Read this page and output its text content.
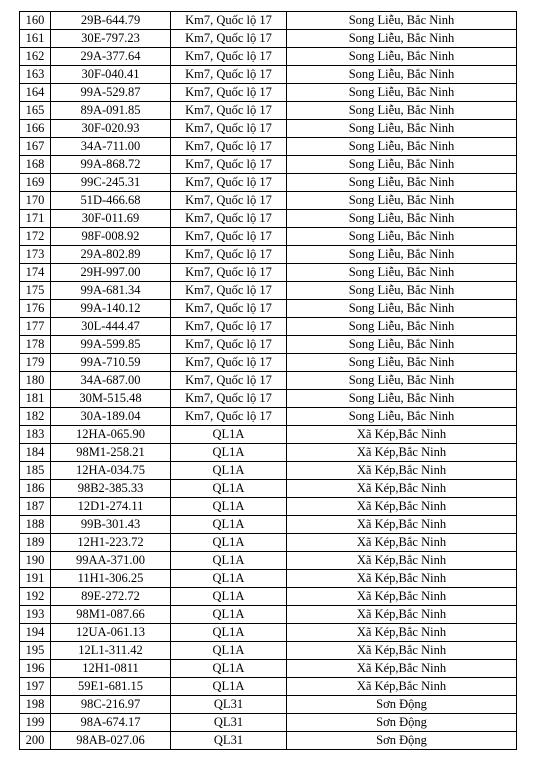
160	29B-644.79	Km7, Quốc lộ 17	Song Liễu, Bắc Ninh
161	30E-797.23	Km7, Quốc lộ 17	Song Liễu, Bắc Ninh
162	29A-377.64	Km7, Quốc lộ 17	Song Liễu, Bắc Ninh
163	30F-040.41	Km7, Quốc lộ 17	Song Liễu, Bắc Ninh
164	99A-529.87	Km7, Quốc lộ 17	Song Liễu, Bắc Ninh
165	89A-091.85	Km7, Quốc lộ 17	Song Liễu, Bắc Ninh
166	30F-020.93	Km7, Quốc lộ 17	Song Liễu, Bắc Ninh
167	34A-711.00	Km7, Quốc lộ 17	Song Liễu, Bắc Ninh
168	99A-868.72	Km7, Quốc lộ 17	Song Liễu, Bắc Ninh
169	99C-245.31	Km7, Quốc lộ 17	Song Liễu, Bắc Ninh
170	51D-466.68	Km7, Quốc lộ 17	Song Liễu, Bắc Ninh
171	30F-011.69	Km7, Quốc lộ 17	Song Liễu, Bắc Ninh
172	98F-008.92	Km7, Quốc lộ 17	Song Liễu, Bắc Ninh
173	29A-802.89	Km7, Quốc lộ 17	Song Liễu, Bắc Ninh
174	29H-997.00	Km7, Quốc lộ 17	Song Liễu, Bắc Ninh
175	99A-681.34	Km7, Quốc lộ 17	Song Liễu, Bắc Ninh
176	99A-140.12	Km7, Quốc lộ 17	Song Liễu, Bắc Ninh
177	30L-444.47	Km7, Quốc lộ 17	Song Liễu, Bắc Ninh
178	99A-599.85	Km7, Quốc lộ 17	Song Liễu, Bắc Ninh
179	99A-710.59	Km7, Quốc lộ 17	Song Liễu, Bắc Ninh
180	34A-687.00	Km7, Quốc lộ 17	Song Liễu, Bắc Ninh
181	30M-515.48	Km7, Quốc lộ 17	Song Liễu, Bắc Ninh
182	30A-189.04	Km7, Quốc lộ 17	Song Liễu, Bắc Ninh
183	12HA-065.90	QL1A	Xã Kép,Bắc Ninh
184	98M1-258.21	QL1A	Xã Kép,Bắc Ninh
185	12HA-034.75	QL1A	Xã Kép,Bắc Ninh
186	98B2-385.33	QL1A	Xã Kép,Bắc Ninh
187	12D1-274.11	QL1A	Xã Kép,Bắc Ninh
188	99B-301.43	QL1A	Xã Kép,Bắc Ninh
189	12H1-223.72	QL1A	Xã Kép,Bắc Ninh
190	99AA-371.00	QL1A	Xã Kép,Bắc Ninh
191	11H1-306.25	QL1A	Xã Kép,Bắc Ninh
192	89E-272.72	QL1A	Xã Kép,Bắc Ninh
193	98M1-087.66	QL1A	Xã Kép,Bắc Ninh
194	12UA-061.13	QL1A	Xã Kép,Bắc Ninh
195	12L1-311.42	QL1A	Xã Kép,Bắc Ninh
196	12H1-0811	QL1A	Xã Kép,Bắc Ninh
197	59E1-681.15	QL1A	Xã Kép,Bắc Ninh
198	98C-216.97	QL31	Sơn Động
199	98A-674.17	QL31	Sơn Động
200	98AB-027.06	QL31	Sơn Động
